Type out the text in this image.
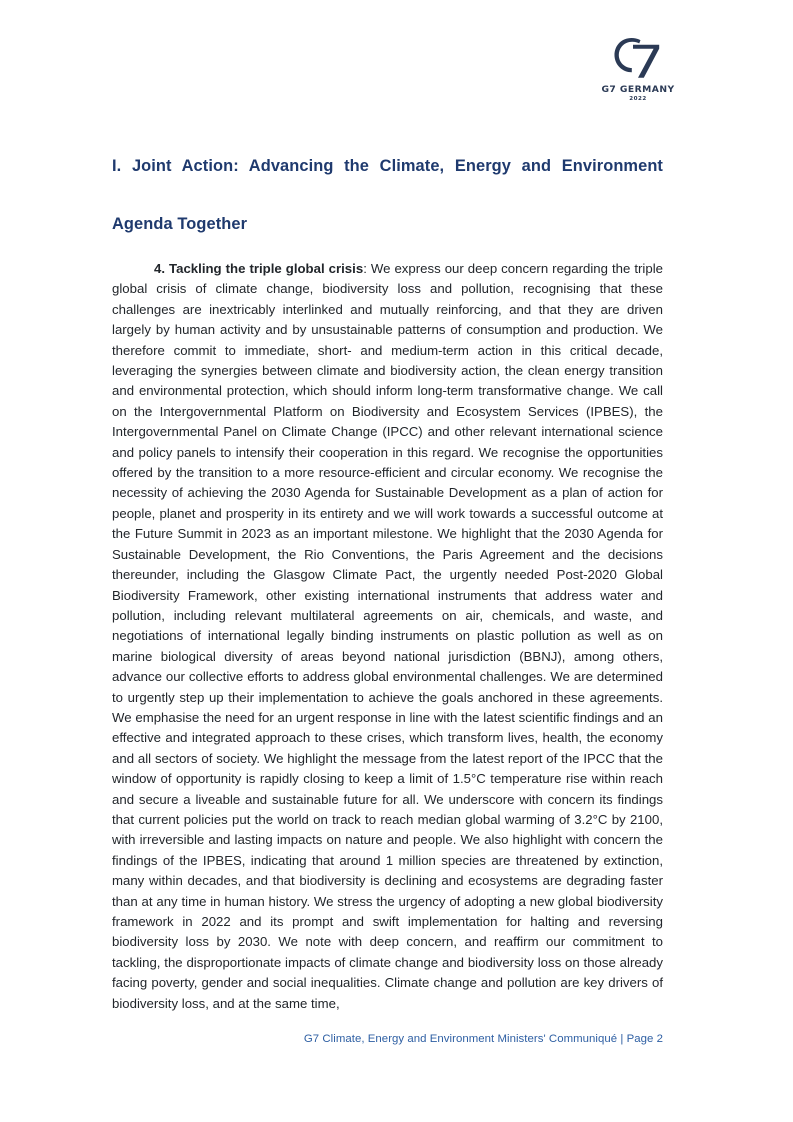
G7 GERMANY
2022
I. Joint Action: Advancing the Climate, Energy and Environment
Agenda Together

4. Tackling the triple global crisis: We express our deep concern regarding the triple global crisis of climate change, biodiversity loss and pollution, recognising that these challenges are inextricably interlinked and mutually reinforcing, and that they are driven largely by human activity and by unsustainable patterns of consumption and production. We therefore commit to immediate, short- and medium-term action in this critical decade, leveraging the synergies between climate and biodiversity action, the clean energy transition and environmental protection, which should inform long-term transformative change. We call on the Intergovernmental Platform on Biodiversity and Ecosystem Services (IPBES), the Intergovernmental Panel on Climate Change (IPCC) and other relevant international science and policy panels to intensify their cooperation in this regard. We recognise the opportunities offered by the transition to a more resource-efficient and circular economy. We recognise the necessity of achieving the 2030 Agenda for Sustainable Development as a plan of action for people, planet and prosperity in its entirety and we will work towards a successful outcome at the Future Summit in 2023 as an important milestone. We highlight that the 2030 Agenda for Sustainable Development, the Rio Conventions, the Paris Agreement and the decisions thereunder, including the Glasgow Climate Pact, the urgently needed Post-2020 Global Biodiversity Framework, other existing international instruments that address water and pollution, including relevant multilateral agreements on air, chemicals, and waste, and negotiations of international legally binding instruments on plastic pollution as well as on marine biological diversity of areas beyond national jurisdiction (BBNJ), among others, advance our collective efforts to address global environmental challenges. We are determined to urgently step up their implementation to achieve the goals anchored in these agreements. We emphasise the need for an urgent response in line with the latest scientific findings and an effective and integrated approach to these crises, which transform lives, health, the economy and all sectors of society. We highlight the message from the latest report of the IPCC that the window of opportunity is rapidly closing to keep a limit of 1.5°C temperature rise within reach and secure a liveable and sustainable future for all. We underscore with concern its findings that current policies put the world on track to reach median global warming of 3.2°C by 2100, with irreversible and lasting impacts on nature and people. We also highlight with concern the findings of the IPBES, indicating that around 1 million species are threatened by extinction, many within decades, and that biodiversity is declining and ecosystems are degrading faster than at any time in human history. We stress the urgency of adopting a new global biodiversity framework in 2022 and its prompt and swift implementation for halting and reversing biodiversity loss by 2030. We note with deep concern, and reaffirm our commitment to tackling, the disproportionate impacts of climate change and biodiversity loss on those already facing poverty, gender and social inequalities. Climate change and pollution are key drivers of biodiversity loss, and at the same time,

G7 Climate, Energy and Environment Ministers' Communiqué | Page 2
